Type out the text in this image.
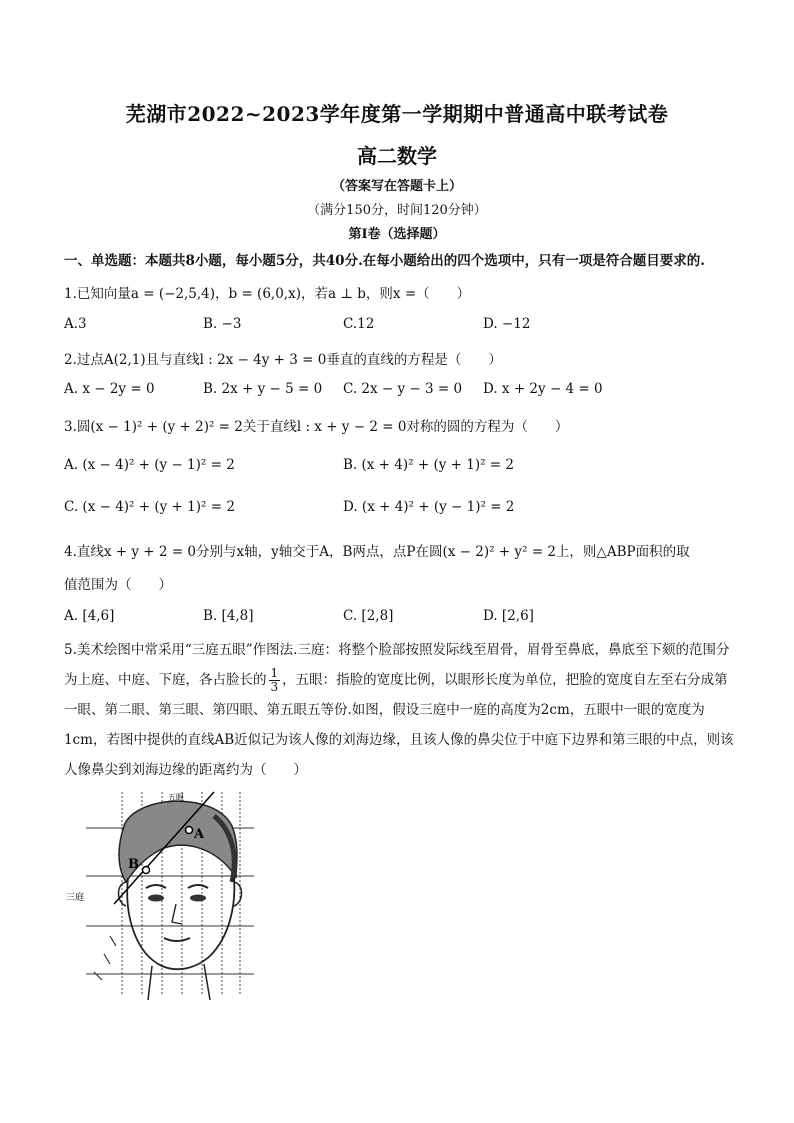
芜湖市2022~2023学年度第一学期期中普通高中联考试卷
高二数学
（答案写在答题卡上）
（满分150分，时间120分钟）
第Ⅰ卷（选择题）
一、单选题：本题共8小题，每小题5分，共40分.在每小题给出的四个选项中，只有一项是符合题目要求的.
1.已知向量a = (−2,5,4)，b = (6,0,x)，若a ⊥ b，则x =（　　）
A.3	B. −3	C.12	D. −12
2.过点A(2,1)且与直线l : 2x − 4y + 3 = 0垂直的直线的方程是（　　）
A. x − 2y = 0	B. 2x + y − 5 = 0 C. 2x − y − 3 = 0 D. x + 2y − 4 = 0
3.圆(x − 1)² + (y + 2)² = 2关于直线l : x + y − 2 = 0对称的圆的方程为（　　）
A. (x − 4)² + (y − 1)² = 2	B. (x + 4)² + (y + 1)² = 2
C. (x − 4)² + (y + 1)² = 2	D. (x + 4)² + (y − 1)² = 2
4.直线x + y + 2 = 0分别与x轴，y轴交于A，B两点，点P在圆(x − 2)² + y² = 2上，则△ABP面积的取
值范围为（　　）
A. [4,6]	B. [4,8]	C. [2,8]	D. [2,6]
5.美术绘图中常采用“三庭五眼”作图法.三庭：将整个脸部按照发际线至眉骨，眉骨至鼻底，鼻底至下颏的范围分为上庭、中庭、下庭，各占脸长的 $\frac{1}{3}$ ，五眼：指脸的宽度比例，以眼形长度为单位，把脸的宽度自左至右分成第一眼、第二眼、第三眼、第四眼、第五眼五等份.如图，假设三庭中一庭的高度为2cm，五眼中一眼的宽度为1cm，若图中提供的直线AB近似记为该人像的刘海边缘，且该人像的鼻尖位于中庭下边界和第三眼的中点，则该人像鼻尖到刘海边缘的距离约为（　　）
A
B
五眼
三庭
